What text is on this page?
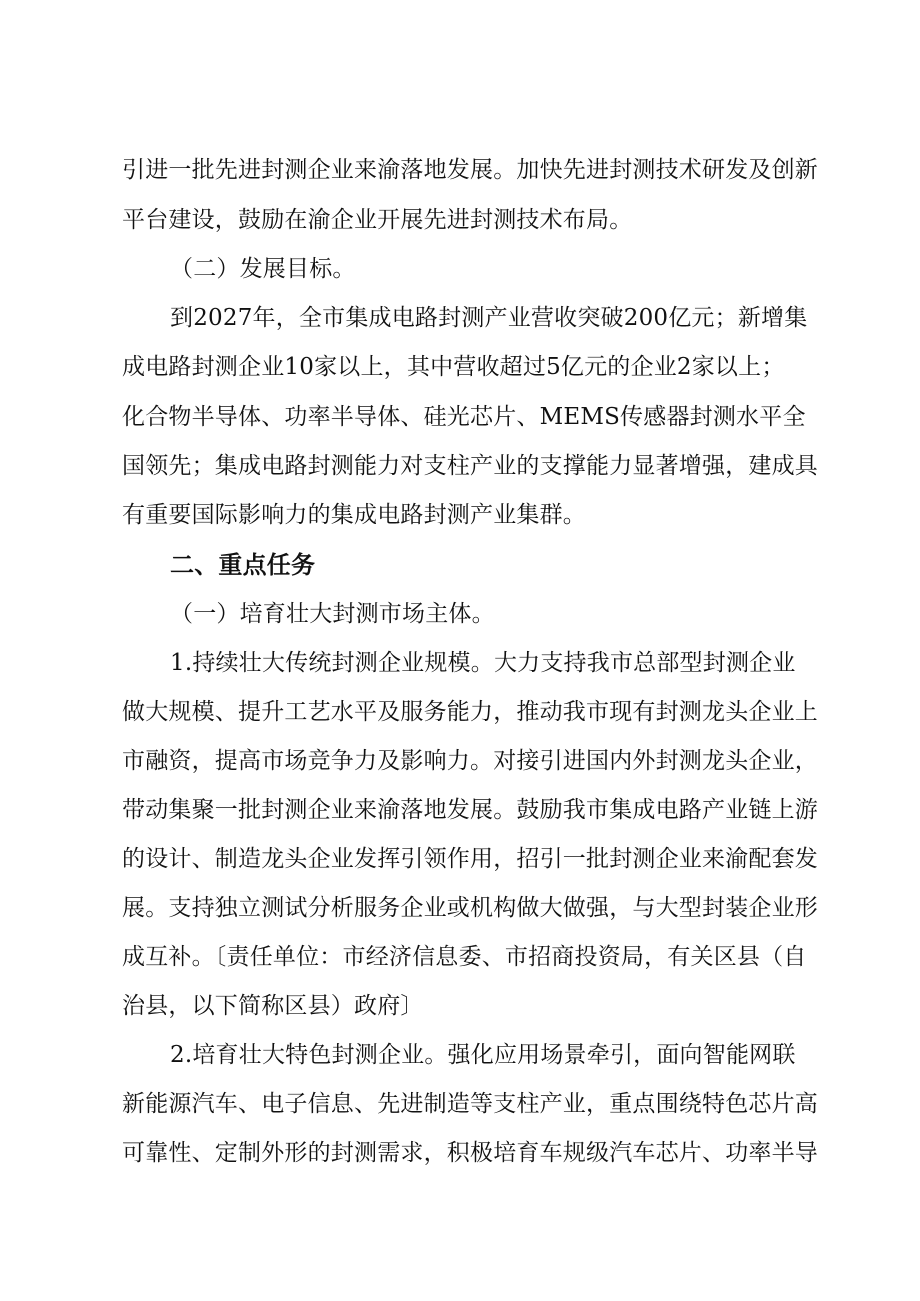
引进一批先进封测企业来渝落地发展。加快先进封测技术研发及创新
平台建设，鼓励在渝企业开展先进封测技术布局。
（二）发展目标。
到2027年，全市集成电路封测产业营收突破200亿元；新增集
成电路封测企业10家以上，其中营收超过5亿元的企业2家以上；
化合物半导体、功率半导体、硅光芯片、MEMS传感器封测水平全
国领先；集成电路封测能力对支柱产业的支撑能力显著增强，建成具
有重要国际影响力的集成电路封测产业集群。
二、重点任务
（一）培育壮大封测市场主体。
1.持续壮大传统封测企业规模。大力支持我市总部型封测企业
做大规模、提升工艺水平及服务能力，推动我市现有封测龙头企业上
市融资，提高市场竞争力及影响力。对接引进国内外封测龙头企业，
带动集聚一批封测企业来渝落地发展。鼓励我市集成电路产业链上游
的设计、制造龙头企业发挥引领作用，招引一批封测企业来渝配套发
展。支持独立测试分析服务企业或机构做大做强，与大型封装企业形
成互补。〔责任单位：市经济信息委、市招商投资局，有关区县（自
治县，以下简称区县）政府〕
2.培育壮大特色封测企业。强化应用场景牵引，面向智能网联
新能源汽车、电子信息、先进制造等支柱产业，重点围绕特色芯片高
可靠性、定制外形的封测需求，积极培育车规级汽车芯片、功率半导
